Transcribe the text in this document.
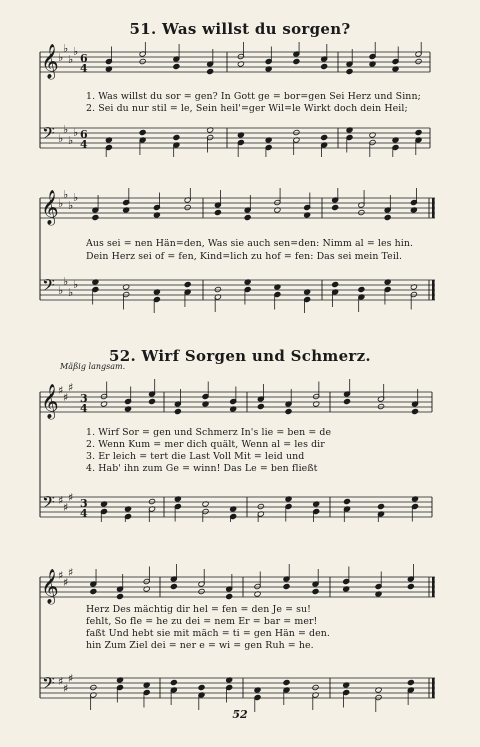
51. Was willst du sorgen?
𝄞
𝄢
♭
♭
♭
♭
♭
♭
♭
♭
6
4
6
4
1. Was willst du sor = gen? In Gott ge = bor=gen Sei Herz und Sinn;
2. Sei du nur stil = le, Sein heil'=ger Wil=le Wirkt doch dein Heil;
𝄞
𝄢
♭
♭
♭
♭
♭
♭
♭
♭
Aus sei = nen Hän=den, Was sie auch sen=den: Nimm al = les hin.
Dein Herz sei of = fen, Kind=lich zu hof = fen: Das sei mein Teil.
52. Wirf Sorgen und Schmerz.
Mäßig langsam.
𝄞
𝄢
♯
♯
♯
♯
♯
♯
3
4
3
4
1. Wirf Sor = gen und Schmerz In's lie = ben = de
2. Wenn Kum = mer dich quält, Wenn al = les dir
3. Er leich = tert die Last Voll Mit = leid und
4. Hab' ihn zum Ge = winn! Das Le = ben fließt
𝄞
𝄢
♯
♯
♯
♯
♯
♯
Herz Des mächtig dir hel = fen = den Je = su!
fehlt, So fle = he zu dei = nem Er = bar = mer!
faßt Und hebt sie mit mäch = ti = gen Hän = den.
hin Zum Ziel dei = ner e = wi = gen Ruh = he.
52
